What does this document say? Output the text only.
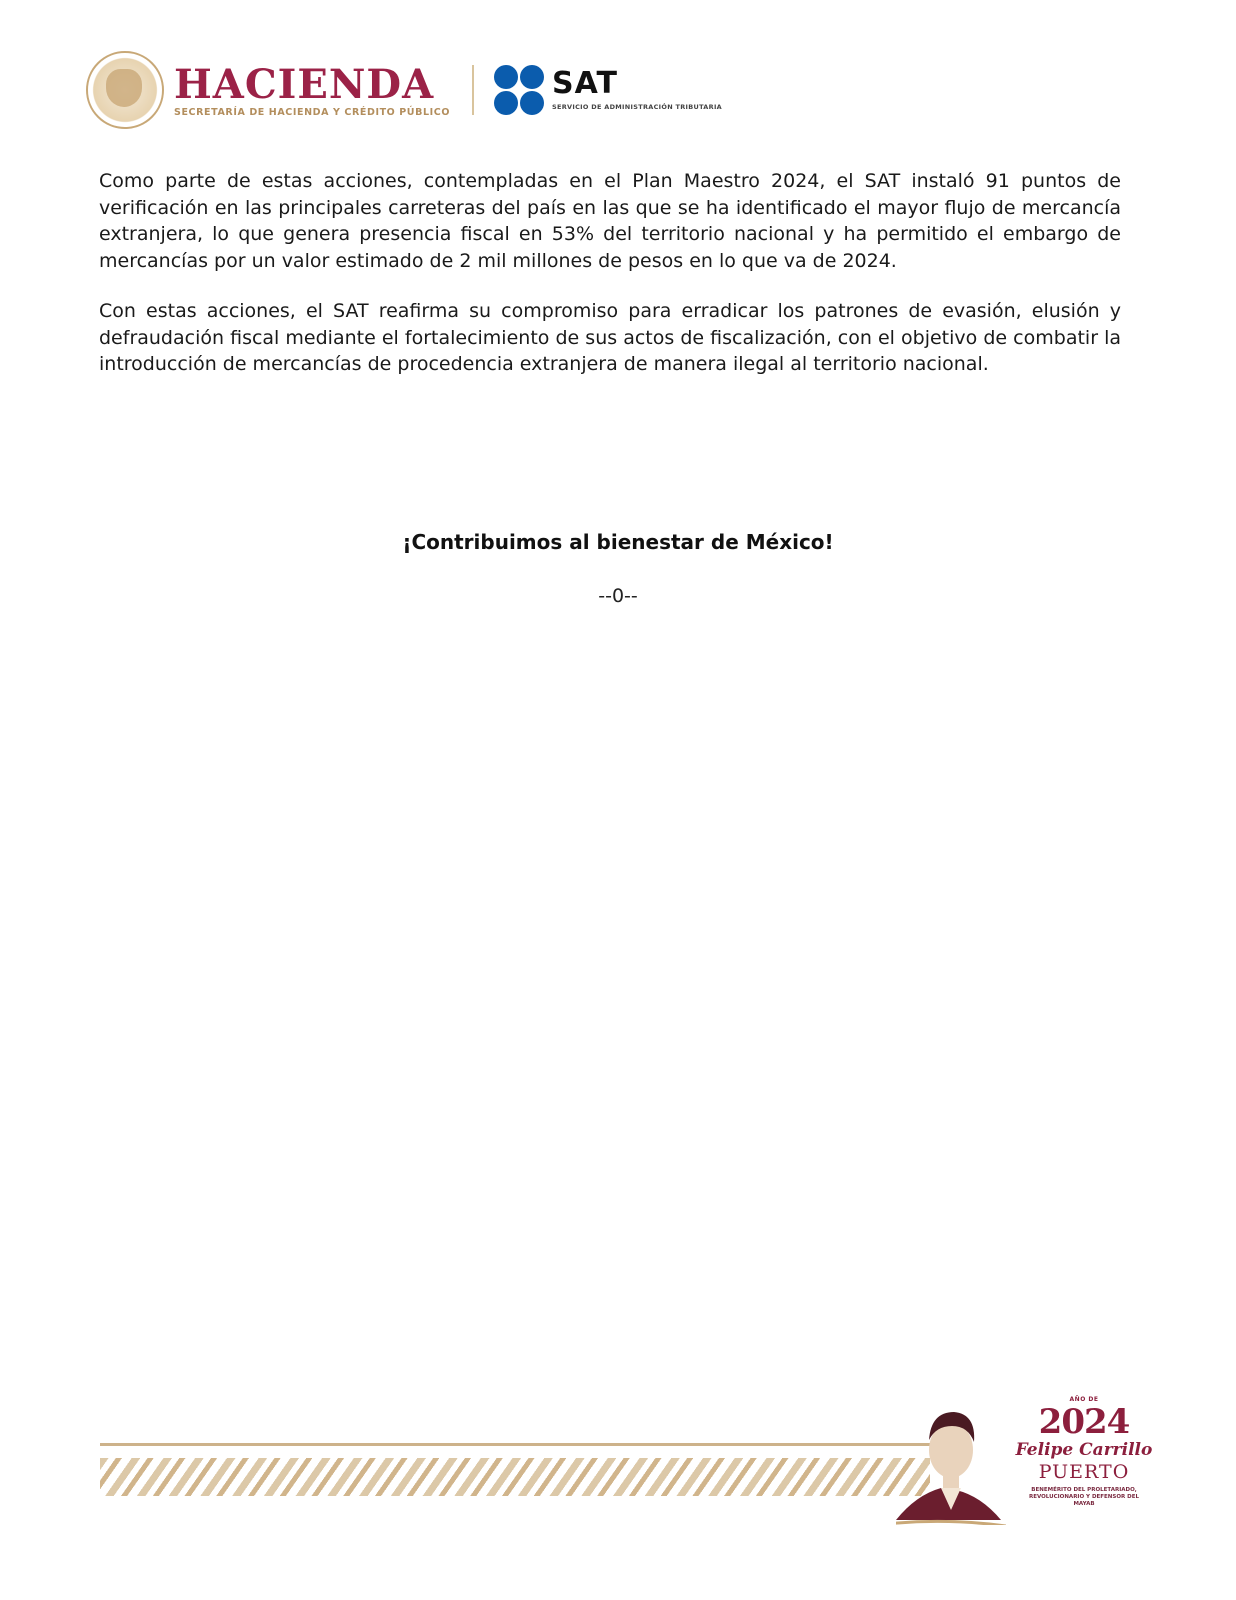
HACIENDA
SECRETARÍA DE HACIENDA Y CRÉDITO PÚBLICO
SAT
SERVICIO DE ADMINISTRACIÓN TRIBUTARIA

Como parte de estas acciones, contempladas en el Plan Maestro 2024, el SAT instaló 91 puntos de verificación en las principales carreteras del país en las que se ha identificado el mayor flujo de mercancía extranjera, lo que genera presencia fiscal en 53% del territorio nacional y ha permitido el embargo de mercancías por un valor estimado de 2 mil millones de pesos en lo que va de 2024.

Con estas acciones, el SAT reafirma su compromiso para erradicar los patrones de evasión, elusión y defraudación fiscal mediante el fortalecimiento de sus actos de fiscalización, con el objetivo de combatir la introducción de mercancías de procedencia extranjera de manera ilegal al territorio nacional.

¡Contribuimos al bienestar de México!
--0--
AÑO DE
2024
Felipe Carrillo
PUERTO
BENEMÉRITO DEL PROLETARIADO, REVOLUCIONARIO Y DEFENSOR DEL MAYAB
